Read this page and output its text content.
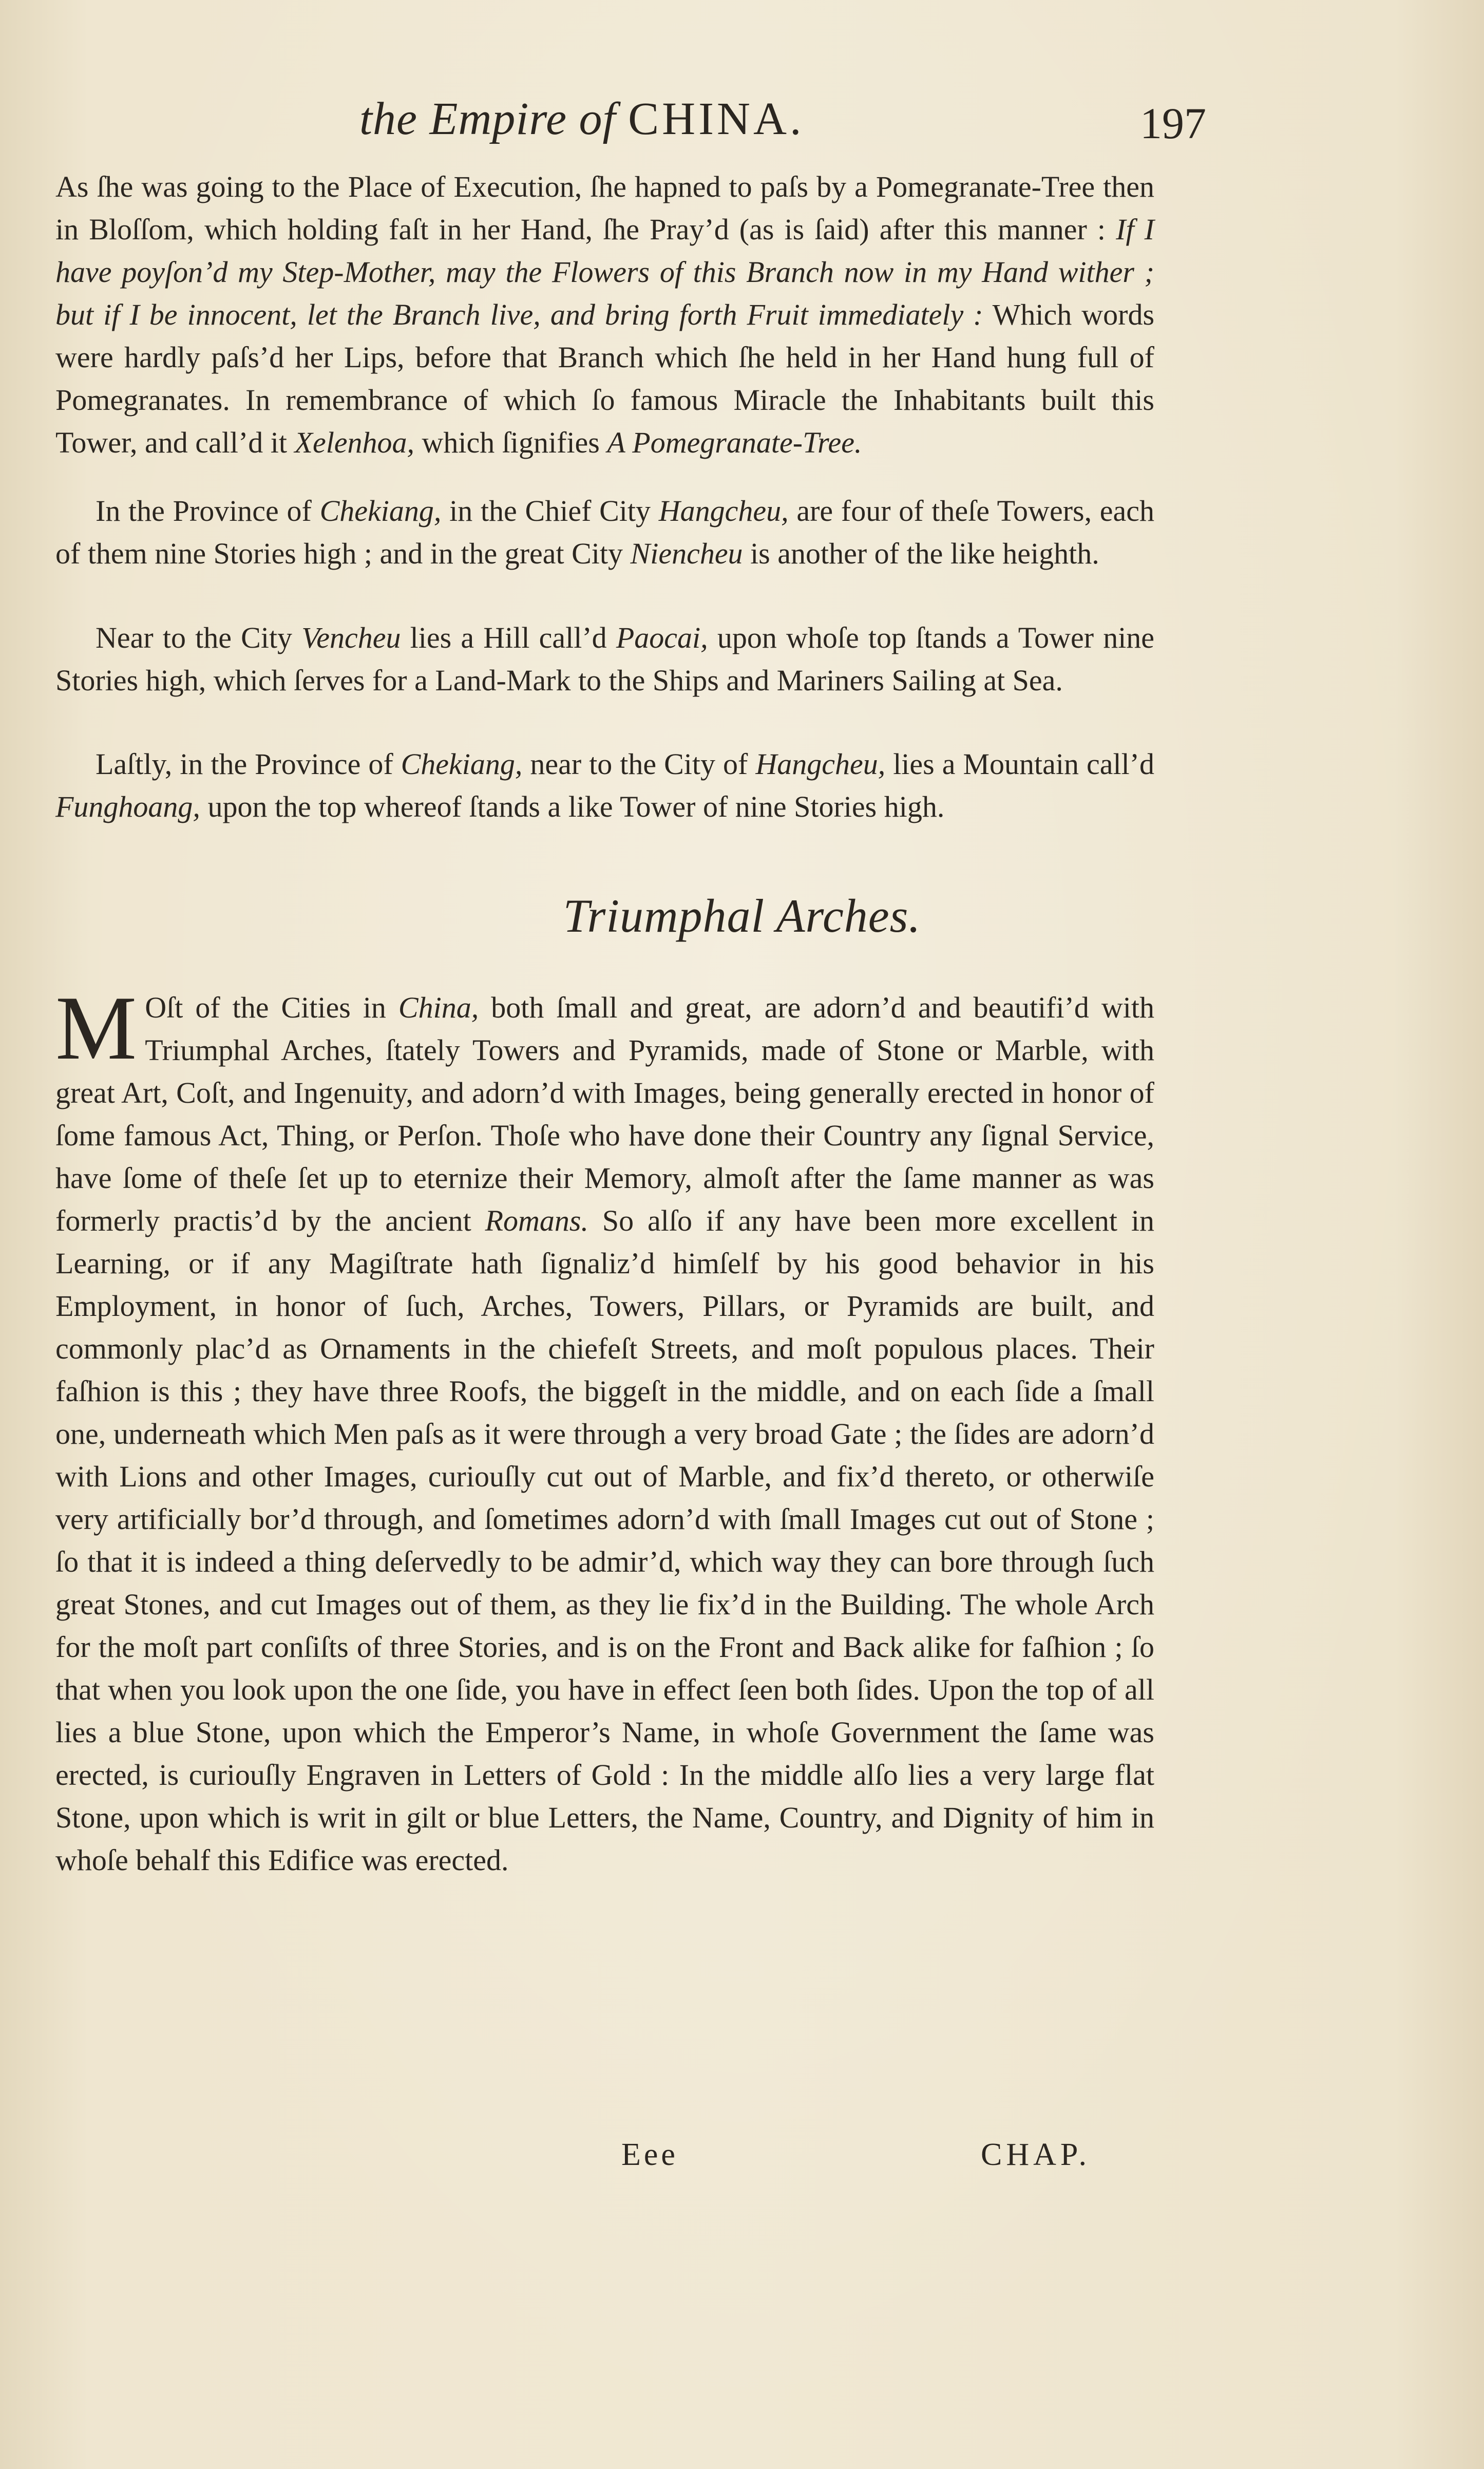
the Empire of CHINA.	197

As ſhe was going to the Place of Execution, ſhe hapned to paſs by a Pomegranate-Tree then in Bloſſom, which holding faſt in her Hand, ſhe Pray’d (as is ſaid) after this manner : If I have poyſon’d my Step-Mother, may the Flowers of this Branch now in my Hand wither ; but if I be innocent, let the Branch live, and bring forth Fruit immediately : Which words were hardly paſs’d her Lips, before that Branch which ſhe held in her Hand hung full of Pomegranates. In remembrance of which ſo famous Miracle the Inhabitants built this Tower, and call’d it Xelenhoa, which ſignifies A Pomegranate-Tree.

In the Province of Chekiang, in the Chief City Hangcheu, are four of theſe Towers, each of them nine Stories high ; and in the great City Niencheu is another of the like heighth.

Near to the City Vencheu lies a Hill call’d Paocai, upon whoſe top ſtands a Tower nine Stories high, which ſerves for a Land-Mark to the Ships and Mariners Sailing at Sea.

Laſtly, in the Province of Chekiang, near to the City of Hangcheu, lies a Mountain call’d Funghoang, upon the top whereof ſtands a like Tower of nine Stories high.

Triumphal Arches.

M Oſt of the Cities in China, both ſmall and great, are adorn’d and beautifi’d with Triumphal Arches, ſtately Towers and Pyramids, made of Stone or Marble, with great Art, Coſt, and Ingenuity, and adorn’d with Images, being generally erected in honor of ſome famous Act, Thing, or Perſon. Thoſe who have done their Country any ſignal Service, have ſome of theſe ſet up to eternize their Memory, almoſt after the ſame manner as was formerly practis’d by the ancient Romans. So alſo if any have been more excellent in Learning, or if any Magiſtrate hath ſignaliz’d himſelf by his good behavior in his Employment, in honor of ſuch, Arches, Towers, Pillars, or Pyramids are built, and commonly plac’d as Ornaments in the chiefeſt Streets, and moſt populous places. Their faſhion is this ; they have three Roofs, the biggeſt in the middle, and on each ſide a ſmall one, underneath which Men paſs as it were through a very broad Gate ; the ſides are adorn’d with Lions and other Images, curiouſly cut out of Marble, and fix’d thereto, or otherwiſe very artificially bor’d through, and ſometimes adorn’d with ſmall Images cut out of Stone ; ſo that it is indeed a thing deſervedly to be admir’d, which way they can bore through ſuch great Stones, and cut Images out of them, as they lie fix’d in the Building. The whole Arch for the moſt part conſiſts of three Stories, and is on the Front and Back alike for faſhion ; ſo that when you look upon the one ſide, you have in effect ſeen both ſides. Upon the top of all lies a blue Stone, upon which the Emperor’s Name, in whoſe Government the ſame was erected, is curiouſly Engraven in Letters of Gold : In the middle alſo lies a very large flat Stone, upon which is writ in gilt or blue Letters, the Name, Country, and Dignity of him in whoſe behalf this Edifice was erected.

Eee	CHAP.
